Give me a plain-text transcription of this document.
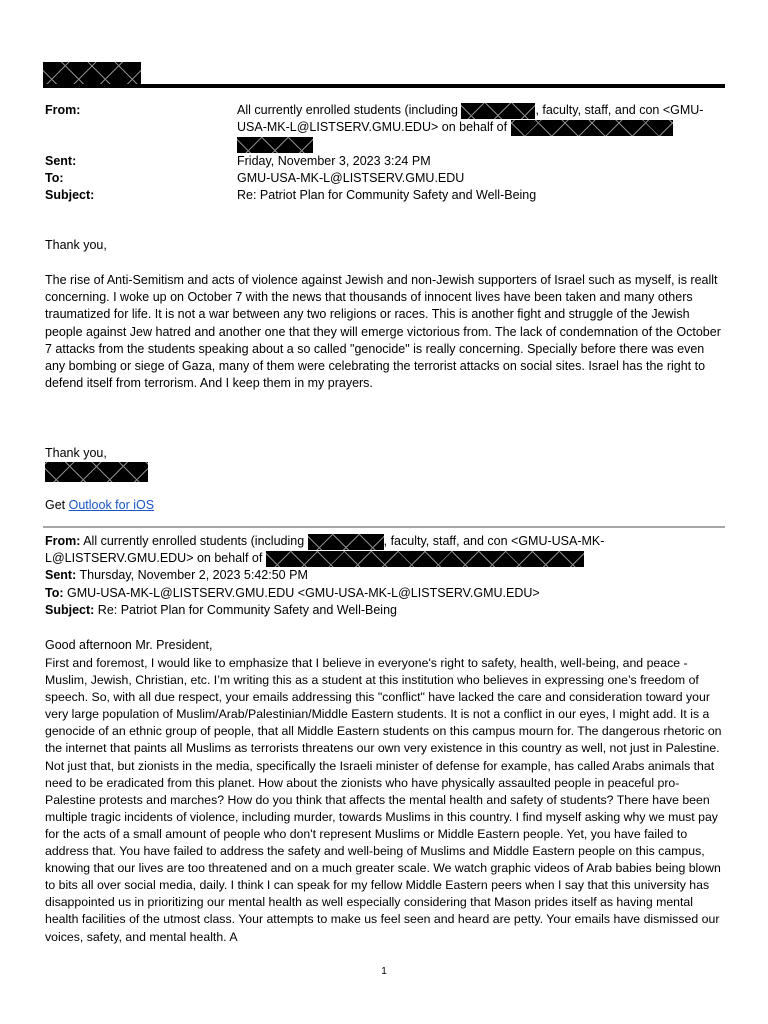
From:	All currently enrolled students (including	, faculty, staff, and con <GMU-
USA-MK-L@LISTSERV.GMU.EDU> on behalf of

Sent:	Friday, November 3, 2023 3:24 PM
To:	GMU-USA-MK-L@LISTSERV.GMU.EDU
Subject:	Re: Patriot Plan for Community Safety and Well-Being
Thank you,
The rise of Anti-Semitism and acts of violence against Jewish and non-Jewish supporters of Israel such as myself, is reallt concerning. I woke up on October 7 with the news that thousands of innocent lives have been taken and many others traumatized for life. It is not a war between any two religions or races. This is another fight and struggle of the Jewish people against Jew hatred and another one that they will emerge victorious from. The lack of condemnation of the October 7 attacks from the students speaking about a so called "genocide" is really concerning. Specially before there was even any bombing or siege of Gaza, many of them were celebrating the terrorist attacks on social sites. Israel has the right to defend itself from terrorism. And I keep them in my prayers.
Thank you,
Get Outlook for iOS
From: All currently enrolled students (including	, faculty, staff, and con <GMU-USA-MK-
L@LISTSERV.GMU.EDU> on behalf of
Sent: Thursday, November 2, 2023 5:42:50 PM
To: GMU-USA-MK-L@LISTSERV.GMU.EDU <GMU-USA-MK-L@LISTSERV.GMU.EDU>
Subject: Re: Patriot Plan for Community Safety and Well-Being
Good afternoon Mr. President,
First and foremost, I would like to emphasize that I believe in everyone's right to safety, health, well-being, and peace - Muslim, Jewish, Christian, etc. I’m writing this as a student at this institution who believes in expressing one’s freedom of speech. So, with all due respect, your emails addressing this "conflict" have lacked the care and consideration toward your very large population of Muslim/Arab/Palestinian/Middle Eastern students. It is not a conflict in our eyes, I might add. It is a genocide of an ethnic group of people, that all Middle Eastern students on this campus mourn for. The dangerous rhetoric on the internet that paints all Muslims as terrorists threatens our own very existence in this country as well, not just in Palestine. Not just that, but zionists in the media, specifically the Israeli minister of defense for example, has called Arabs animals that need to be eradicated from this planet. How about the zionists who have physically assaulted people in peaceful pro-Palestine protests and marches? How do you think that affects the mental health and safety of students? There have been multiple tragic incidents of violence, including murder, towards Muslims in this country. I find myself asking why we must pay for the acts of a small amount of people who don't represent Muslims or Middle Eastern people. Yet, you have failed to address that. You have failed to address the safety and well-being of Muslims and Middle Eastern people on this campus, knowing that our lives are too threatened and on a much greater scale. We watch graphic videos of Arab babies being blown to bits all over social media, daily. I think I can speak for my fellow Middle Eastern peers when I say that this university has disappointed us in prioritizing our mental health as well especially considering that Mason prides itself as having mental health facilities of the utmost class. Your attempts to make us feel seen and heard are petty. Your emails have dismissed our voices, safety, and mental health. A
1
